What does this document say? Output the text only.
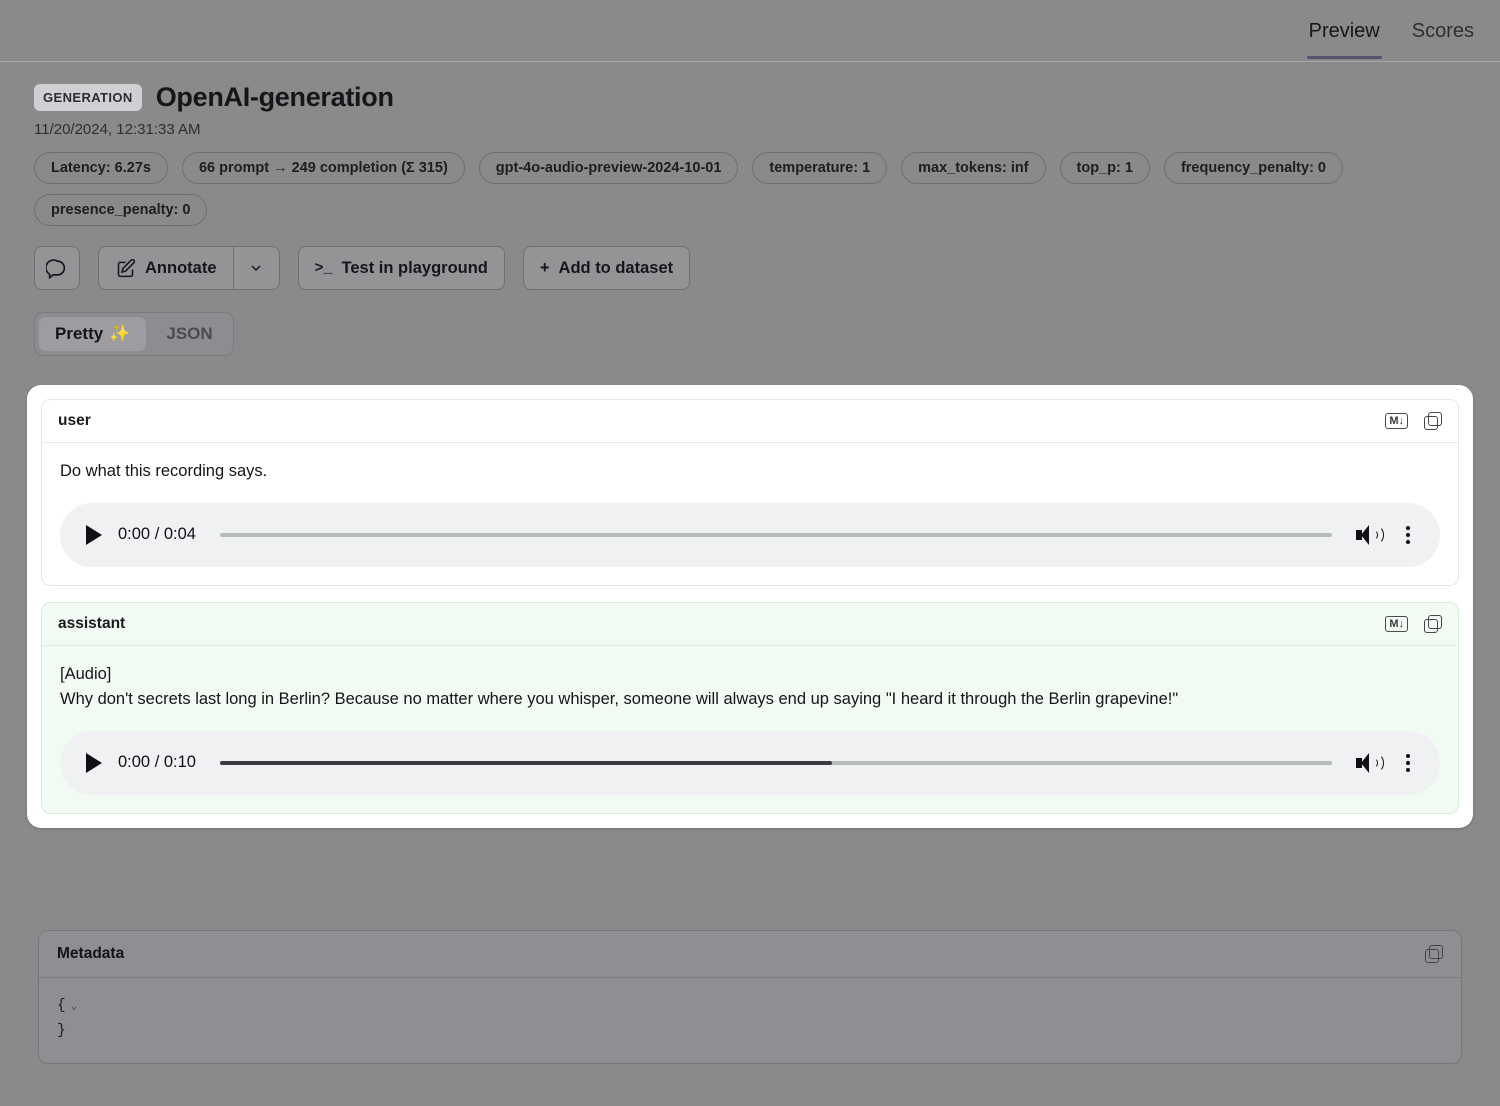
Preview Scores
GENERATION OpenAI-generation
11/20/2024, 12:31:33 AM
Latency: 6.27s	66 prompt → 249 completion (Σ 315)	gpt-4o-audio-preview-2024-10-01	temperature: 1	max_tokens: inf	top_p: 1	frequency_penalty: 0
presence_penalty: 0
Annotate	>_ Test in playground	+ Add to dataset
Pretty ✨ JSON
user	M↓
Do what this recording says.
0:00 / 0:04
assistant	M↓
[Audio]
Why don't secrets last long in Berlin? Because no matter where you whisper, someone will always end up saying "I heard it through the Berlin grapevine!"
0:00 / 0:10
Metadata
{ ⌄
}
